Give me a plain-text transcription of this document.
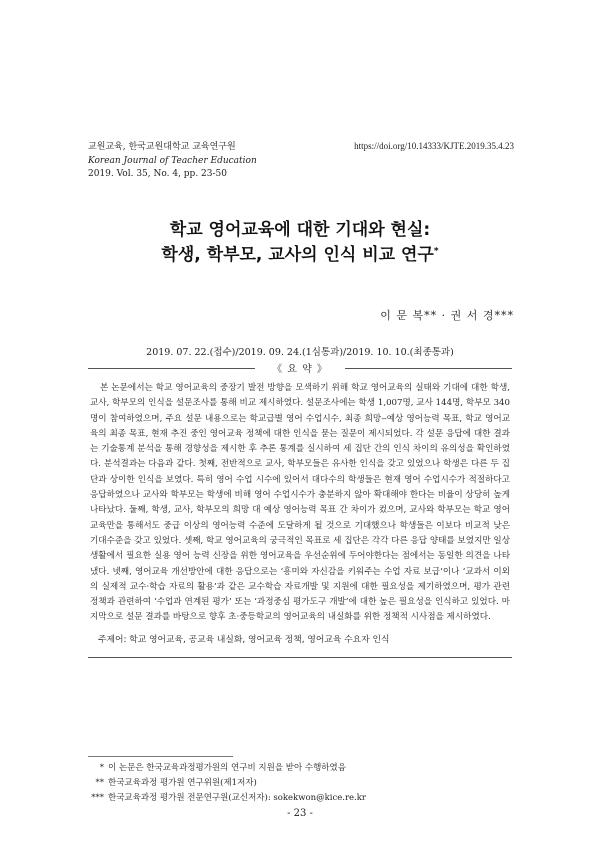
교원교육, 한국교원대학교 교육연구원
Korean Journal of Teacher Education
2019. Vol. 35, No. 4, pp. 23-50
https://doi.org/10.14333/KJTE.2019.35.4.23
학교 영어교육에 대한 기대와 현실:
학생, 학부모, 교사의 인식 비교 연구*
이 문 복** · 권 서 경***
2019. 07. 22.(접수)/2019. 09. 24.(1심통과)/2019. 10. 10.(최종통과)
《 요 약 》

본 논문에서는 학교 영어교육의 중장기 발전 방향을 모색하기 위해 학교 영어교육의 실태와 기대에 대한 학생, 교사, 학부모의 인식을 설문조사를 통해 비교 제시하였다. 설문조사에는 학생 1,007명, 교사 144명, 학부모 340명이 참여하였으며, 주요 설문 내용으로는 학교급별 영어 수업시수, 최종 희망‒예상 영어능력 목표, 학교 영어교육의 최종 목표, 현재 추진 중인 영어교육 정책에 대한 인식을 묻는 질문이 제시되었다. 각 설문 응답에 대한 결과는 기술통계 분석을 통해 경향성을 제시한 후 추론 통계를 실시하여 세 집단 간의 인식 차이의 유의성을 확인하였다. 분석결과는 다음과 같다. 첫째, 전반적으로 교사, 학부모들은 유사한 인식을 갖고 있었으나 학생은 다른 두 집단과 상이한 인식을 보였다. 특히 영어 수업 시수에 있어서 대다수의 학생들은 현재 영어 수업시수가 적절하다고 응답하였으나 교사와 학부모는 학생에 비해 영어 수업시수가 충분하지 않아 확대해야 한다는 비율이 상당히 높게 나타났다. 둘째, 학생, 교사, 학부모의 희망 대 예상 영어능력 목표 간 차이가 컸으며, 교사와 학부모는 학교 영어교육만을 통해서도 중급 이상의 영어능력 수준에 도달하게 될 것으로 기대했으나 학생들은 이보다 비교적 낮은 기대수준을 갖고 있었다. 셋째, 학교 영어교육의 궁극적인 목표로 세 집단은 각각 다른 응답 양태를 보였지만 일상생활에서 필요한 실용 영어 능력 신장을 위한 영어교육을 우선순위에 두어야한다는 점에서는 동일한 의견을 나타냈다. 넷째, 영어교육 개선방안에 대한 응답으로는 ‘흥미와 자신감을 키워주는 수업 자료 보급’이나 ‘교과서 이외의 실제적 교수·학습 자료의 활용’과 같은 교수학습 자료개발 및 지원에 대한 필요성을 제기하였으며, 평가 관련 정책과 관련하여 ‘수업과 연계된 평가’ 또는 ‘과정중심 평가도구 개발’에 대한 높은 필요성을 인식하고 있었다. 마지막으로 설문 결과를 바탕으로 향후 초·중등학교의 영어교육의 내실화를 위한 정책적 시사점을 제시하였다.

주제어: 학교 영어교육, 공교육 내실화, 영어교육 정책, 영어교육 수요자 인식
* 이 논문은 한국교육과정평가원의 연구비 지원을 받아 수행하였음
** 한국교육과정 평가원 연구위원(제1저자)
*** 한국교육과정 평가원 전문연구원(교신저자): sokekwon@kice.re.kr
- 23 -
